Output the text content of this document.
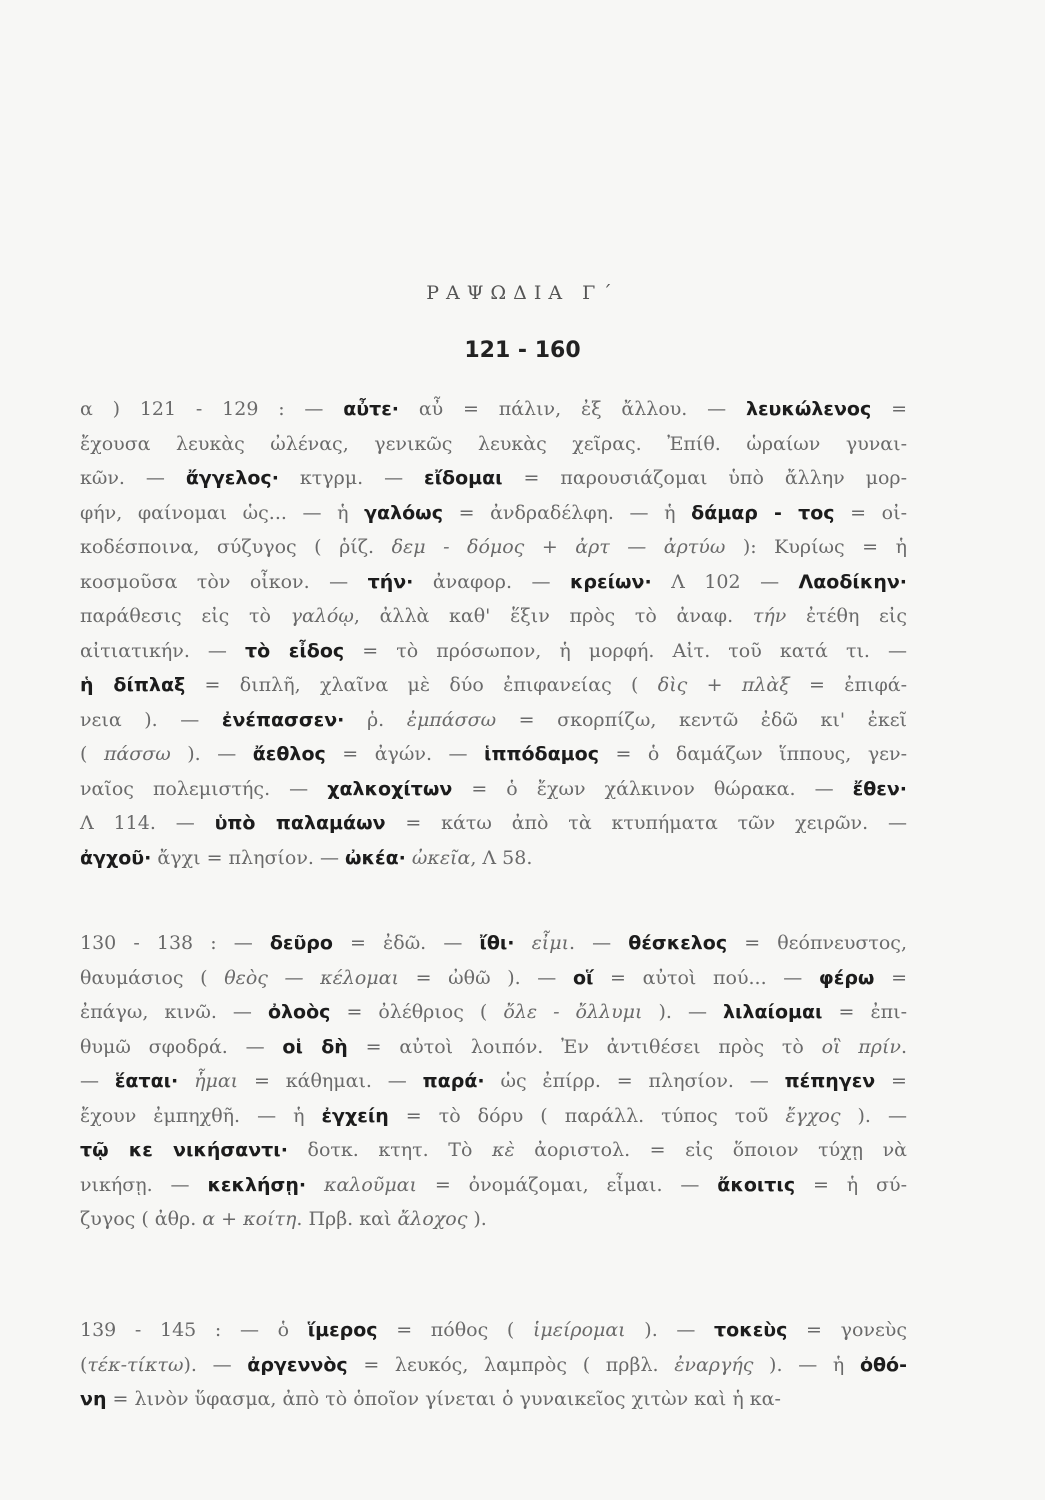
ΡΑΨΩΔΙΑ Γ΄
121 - 160
α ) 121 - 129 : — αὖτε· αὖ = πάλιν, ἐξ ἄλλου. — λευκώλενος =
ἔχουσα λευκὰς ὠλένας, γενικῶς λευκὰς χεῖρας. Ἐπίθ. ὡραίων γυναι-
κῶν. — ἄγγελος· κτγρμ. — εἴδομαι = παρουσιάζομαι ὑπὸ ἄλλην μορ-
φήν, φαίνομαι ὡς... — ἡ γαλόως = ἀνδραδέλφη. — ἡ δάμαρ - τος = οἰ-
κοδέσποινα, σύζυγος ( ῥίζ. δεμ - δόμος + ἀρτ — ἀρτύω ): Κυρίως = ἡ
κοσμοῦσα τὸν οἶκον. — τήν· ἀναφορ. — κρείων· Λ 102 — Λαοδίκην·
παράθεσις εἰς τὸ γαλόῳ, ἀλλὰ καθ' ἕξιν πρὸς τὸ ἀναφ. τήν ἐτέθη εἰς
αἰτιατικήν. — τὸ εἶδος = τὸ πρόσωπον, ἡ μορφή. Αἰτ. τοῦ κατά τι. —
ἡ δίπλαξ = διπλῆ, χλαῖνα μὲ δύο ἐπιφανείας ( δὶς + πλὰξ = ἐπιφά-
νεια ). — ἐνέπασσεν· ῥ. ἐμπάσσω = σκορπίζω, κεντῶ ἐδῶ κι' ἐκεῖ
( πάσσω ). — ἄεθλος = ἀγών. — ἱππόδαμος = ὁ δαμάζων ἵππους, γεν-
ναῖος πολεμιστής. — χαλκοχίτων = ὁ ἔχων χάλκινον θώρακα. — ἔθεν·
Λ 114. — ὑπὸ παλαμάων = κάτω ἀπὸ τὰ κτυπήματα τῶν χειρῶν. —
ἀγχοῦ· ἄγχι = πλησίον. — ὠκέα· ὠκεῖα, Λ 58.
130 - 138 : — δεῦρο = ἐδῶ. — ἴθι· εἶμι. — θέσκελος = θεόπνευστος,
θαυμάσιος ( θεὸς — κέλομαι = ὠθῶ ). — οἵ = αὐτοὶ πού... — φέρω =
ἐπάγω, κινῶ. — ὀλοὸς = ὀλέθριος ( ὄλε - ὄλλυμι ). — λιλαίομαι = ἐπι-
θυμῶ σφοδρά. — οἱ δὴ = αὐτοὶ λοιπόν. Ἐν ἀντιθέσει πρὸς τὸ οἳ πρίν.
— ἕαται· ἧμαι = κάθημαι. — παρά· ὡς ἐπίρρ. = πλησίον. — πέπηγεν =
ἔχουν ἐμπηχθῆ. — ἡ ἐγχείη = τὸ δόρυ ( παράλλ. τύπος τοῦ ἔγχος ). —
τῷ κε νικήσαντι· δοτκ. κτητ. Τὸ κὲ ἀοριστολ. = εἰς ὅποιον τύχῃ νὰ
νικήσῃ. — κεκλήσῃ· καλοῦμαι = ὀνομάζομαι, εἶμαι. — ἄκοιτις = ἡ σύ-
ζυγος ( ἀθρ. α + κοίτη. Πρβ. καὶ ἄλοχος ).
139 - 145 : — ὁ ἵμερος = πόθος ( ἱμείρομαι ). — τοκεὺς = γονεὺς
(τέκ-τίκτω). — ἀργεννὸς = λευκός, λαμπρὸς ( πρβλ. ἐναργής ). — ἡ ὀθό-
νη = λινὸν ὕφασμα, ἀπὸ τὸ ὁποῖον γίνεται ὁ γυναικεῖος χιτὼν καὶ ἡ κα-
